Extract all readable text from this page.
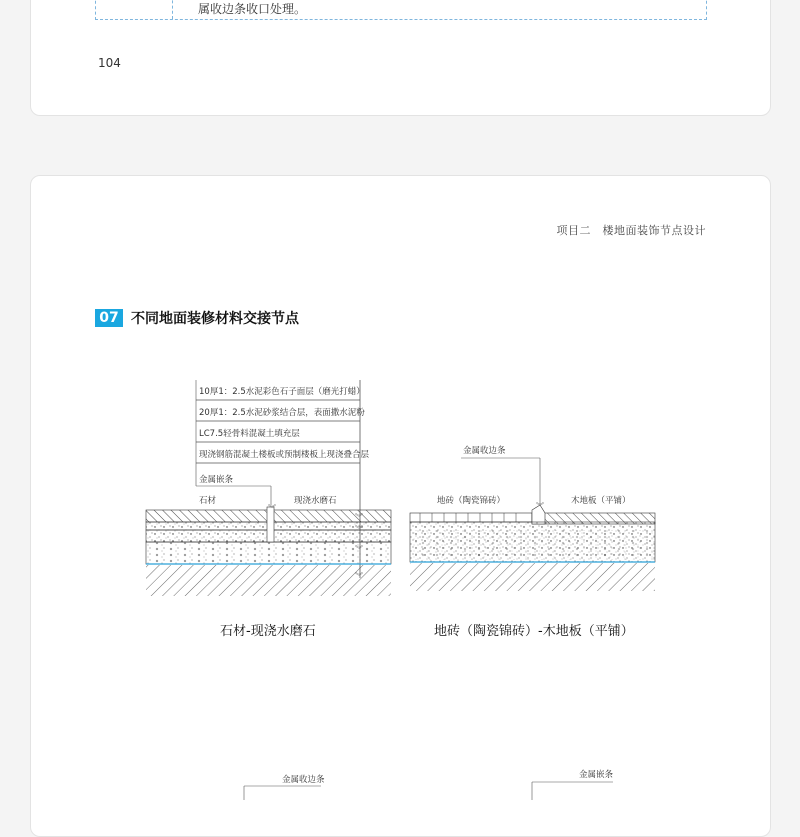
属收边条收口处理。
104
项目二　楼地面装饰节点设计
07 不同地面装修材料交接节点
10厚1：2.5水泥彩色石子面层（磨光打蜡）
20厚1：2.5水泥砂浆结合层，表面撒水泥粉
LC7.5轻骨料混凝土填充层
现浇钢筋混凝土楼板或预制楼板上现浇叠合层
金属嵌条
石材	现浇水磨石
︾
︾
︾
︾
︾
金属收边条
地砖（陶瓷锦砖）	木地板（平铺）
︾
金属收边条	金属嵌条
石材-现浇水磨石	地砖（陶瓷锦砖）-木地板（平铺）
